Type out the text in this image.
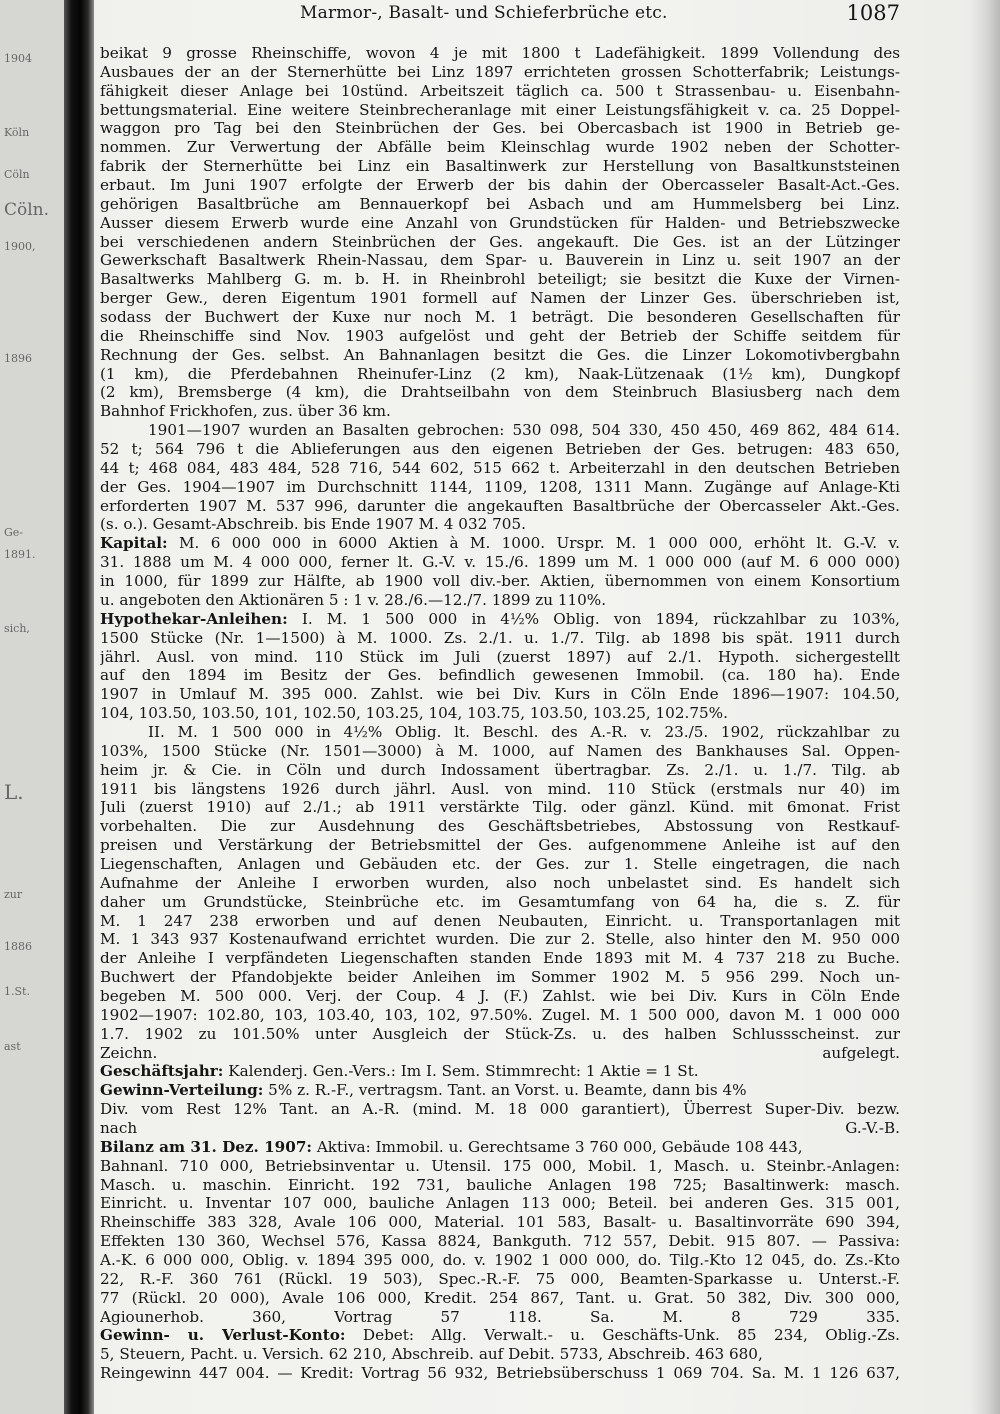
1904
Köln
Cöln
Cöln.
1900,
1896
Ge-
1891.
sich,
L.
zur
1886
1.St.
ast
Marmor-, Basalt- und Schieferbrüche etc.	1087
beikat 9 grosse Rheinschiffe, wovon 4 je mit 1800 t Ladefähigkeit. 1899 Vollendung des
Ausbaues der an der Sternerhütte bei Linz 1897 errichteten grossen Schotterfabrik; Leistungs-
fähigkeit dieser Anlage bei 10stünd. Arbeitszeit täglich ca. 500 t Strassenbau- u. Eisenbahn-
bettungsmaterial. Eine weitere Steinbrecheranlage mit einer Leistungsfähigkeit v. ca. 25 Doppel-
waggon pro Tag bei den Steinbrüchen der Ges. bei Obercasbach ist 1900 in Betrieb ge-
nommen. Zur Verwertung der Abfälle beim Kleinschlag wurde 1902 neben der Schotter-
fabrik der Sternerhütte bei Linz ein Basaltinwerk zur Herstellung von Basaltkunststeinen
erbaut. Im Juni 1907 erfolgte der Erwerb der bis dahin der Obercasseler Basalt-Act.-Ges.
gehörigen Basaltbrüche am Bennauerkopf bei Asbach und am Hummelsberg bei Linz.
Ausser diesem Erwerb wurde eine Anzahl von Grundstücken für Halden- und Betriebszwecke
bei verschiedenen andern Steinbrüchen der Ges. angekauft. Die Ges. ist an der Lützinger
Gewerkschaft Basaltwerk Rhein-Nassau, dem Spar- u. Bauverein in Linz u. seit 1907 an der
Basaltwerks Mahlberg G. m. b. H. in Rheinbrohl beteiligt; sie besitzt die Kuxe der Virnen-
berger Gew., deren Eigentum 1901 formell auf Namen der Linzer Ges. überschrieben ist,
sodass der Buchwert der Kuxe nur noch M. 1 beträgt. Die besonderen Gesellschaften für
die Rheinschiffe sind Nov. 1903 aufgelöst und geht der Betrieb der Schiffe seitdem für
Rechnung der Ges. selbst. An Bahnanlagen besitzt die Ges. die Linzer Lokomotivbergbahn
(1 km), die Pferdebahnen Rheinufer-Linz (2 km), Naak-Lützenaak (1½ km), Dungkopf
(2 km), Bremsberge (4 km), die Drahtseilbahn von dem Steinbruch Blasiusberg nach dem
Bahnhof Frickhofen, zus. über 36 km.
1901—1907 wurden an Basalten gebrochen: 530 098, 504 330, 450 450, 469 862, 484 614.
52 t; 564 796 t die Ablieferungen aus den eigenen Betrieben der Ges. betrugen: 483 650,
44 t; 468 084, 483 484, 528 716, 544 602, 515 662 t. Arbeiterzahl in den deutschen Betrieben
der Ges. 1904—1907 im Durchschnitt 1144, 1109, 1208, 1311 Mann. Zugänge auf Anlage-Kti
erforderten 1907 M. 537 996, darunter die angekauften Basaltbrüche der Obercasseler Akt.-Ges.
(s. o.). Gesamt-Abschreib. bis Ende 1907 M. 4 032 705.
Kapital: M. 6 000 000 in 6000 Aktien à M. 1000. Urspr. M. 1 000 000, erhöht lt. G.-V. v.
31. 1888 um M. 4 000 000, ferner lt. G.-V. v. 15./6. 1899 um M. 1 000 000 (auf M. 6 000 000)
in 1000, für 1899 zur Hälfte, ab 1900 voll div.-ber. Aktien, übernommen von einem Konsortium
u. angeboten den Aktionären 5 : 1 v. 28./6.—12./7. 1899 zu 110%.
Hypothekar-Anleihen: I. M. 1 500 000 in 4½% Oblig. von 1894, rückzahlbar zu 103%,
1500 Stücke (Nr. 1—1500) à M. 1000. Zs. 2./1. u. 1./7. Tilg. ab 1898 bis spät. 1911 durch
jährl. Ausl. von mind. 110 Stück im Juli (zuerst 1897) auf 2./1. Hypoth. sichergestellt
auf den 1894 im Besitz der Ges. befindlich gewesenen Immobil. (ca. 180 ha). Ende
1907 in Umlauf M. 395 000. Zahlst. wie bei Div. Kurs in Cöln Ende 1896—1907: 104.50,
104, 103.50, 103.50, 101, 102.50, 103.25, 104, 103.75, 103.50, 103.25, 102.75%.
II. M. 1 500 000 in 4½% Oblig. lt. Beschl. des A.-R. v. 23./5. 1902, rückzahlbar zu
103%, 1500 Stücke (Nr. 1501—3000) à M. 1000, auf Namen des Bankhauses Sal. Oppen-
heim jr. & Cie. in Cöln und durch Indossament übertragbar. Zs. 2./1. u. 1./7. Tilg. ab
1911 bis längstens 1926 durch jährl. Ausl. von mind. 110 Stück (erstmals nur 40) im
Juli (zuerst 1910) auf 2./1.; ab 1911 verstärkte Tilg. oder gänzl. Künd. mit 6monat. Frist
vorbehalten. Die zur Ausdehnung des Geschäftsbetriebes, Abstossung von Restkauf-
preisen und Verstärkung der Betriebsmittel der Ges. aufgenommene Anleihe ist auf den
Liegenschaften, Anlagen und Gebäuden etc. der Ges. zur 1. Stelle eingetragen, die nach
Aufnahme der Anleihe I erworben wurden, also noch unbelastet sind. Es handelt sich
daher um Grundstücke, Steinbrüche etc. im Gesamtumfang von 64 ha, die s. Z. für
M. 1 247 238 erworben und auf denen Neubauten, Einricht. u. Transportanlagen mit
M. 1 343 937 Kostenaufwand errichtet wurden. Die zur 2. Stelle, also hinter den M. 950 000
der Anleihe I verpfändeten Liegenschaften standen Ende 1893 mit M. 4 737 218 zu Buche.
Buchwert der Pfandobjekte beider Anleihen im Sommer 1902 M. 5 956 299. Noch un-
begeben M. 500 000. Verj. der Coup. 4 J. (F.) Zahlst. wie bei Div. Kurs in Cöln Ende
1902—1907: 102.80, 103, 103.40, 103, 102, 97.50%. Zugel. M. 1 500 000, davon M. 1 000 000
1.7. 1902 zu 101.50% unter Ausgleich der Stück-Zs. u. des halben Schlussscheinst. zur
Zeichn. aufgelegt.
Geschäftsjahr: Kalenderj. Gen.-Vers.: Im I. Sem. Stimmrecht: 1 Aktie = 1 St.
Gewinn-Verteilung: 5% z. R.-F., vertragsm. Tant. an Vorst. u. Beamte, dann bis 4%
Div. vom Rest 12% Tant. an A.-R. (mind. M. 18 000 garantiert), Überrest Super-Div. bezw.
nach G.-V.-B.
Bilanz am 31. Dez. 1907: Aktiva: Immobil. u. Gerechtsame 3 760 000, Gebäude 108 443,
Bahnanl. 710 000, Betriebsinventar u. Utensil. 175 000, Mobil. 1, Masch. u. Steinbr.-Anlagen:
Masch. u. maschin. Einricht. 192 731, bauliche Anlagen 198 725; Basaltinwerk: masch.
Einricht. u. Inventar 107 000, bauliche Anlagen 113 000; Beteil. bei anderen Ges. 315 001,
Rheinschiffe 383 328, Avale 106 000, Material. 101 583, Basalt- u. Basaltinvorräte 690 394,
Effekten 130 360, Wechsel 576, Kassa 8824, Bankguth. 712 557, Debit. 915 807. — Passiva:
A.-K. 6 000 000, Oblig. v. 1894 395 000, do. v. 1902 1 000 000, do. Tilg.-Kto 12 045, do. Zs.-Kto
22, R.-F. 360 761 (Rückl. 19 503), Spec.-R.-F. 75 000, Beamten-Sparkasse u. Unterst.-F.
77 (Rückl. 20 000), Avale 106 000, Kredit. 254 867, Tant. u. Grat. 50 382, Div. 300 000,
Agiounerhob. 360, Vortrag 57 118. Sa. M. 8 729 335.
Gewinn- u. Verlust-Konto: Debet: Allg. Verwalt.- u. Geschäfts-Unk. 85 234, Oblig.-Zs.
5, Steuern, Pacht. u. Versich. 62 210, Abschreib. auf Debit. 5733, Abschreib. 463 680,
Reingewinn 447 004. — Kredit: Vortrag 56 932, Betriebsüberschuss 1 069 704. Sa. M. 1 126 637,
